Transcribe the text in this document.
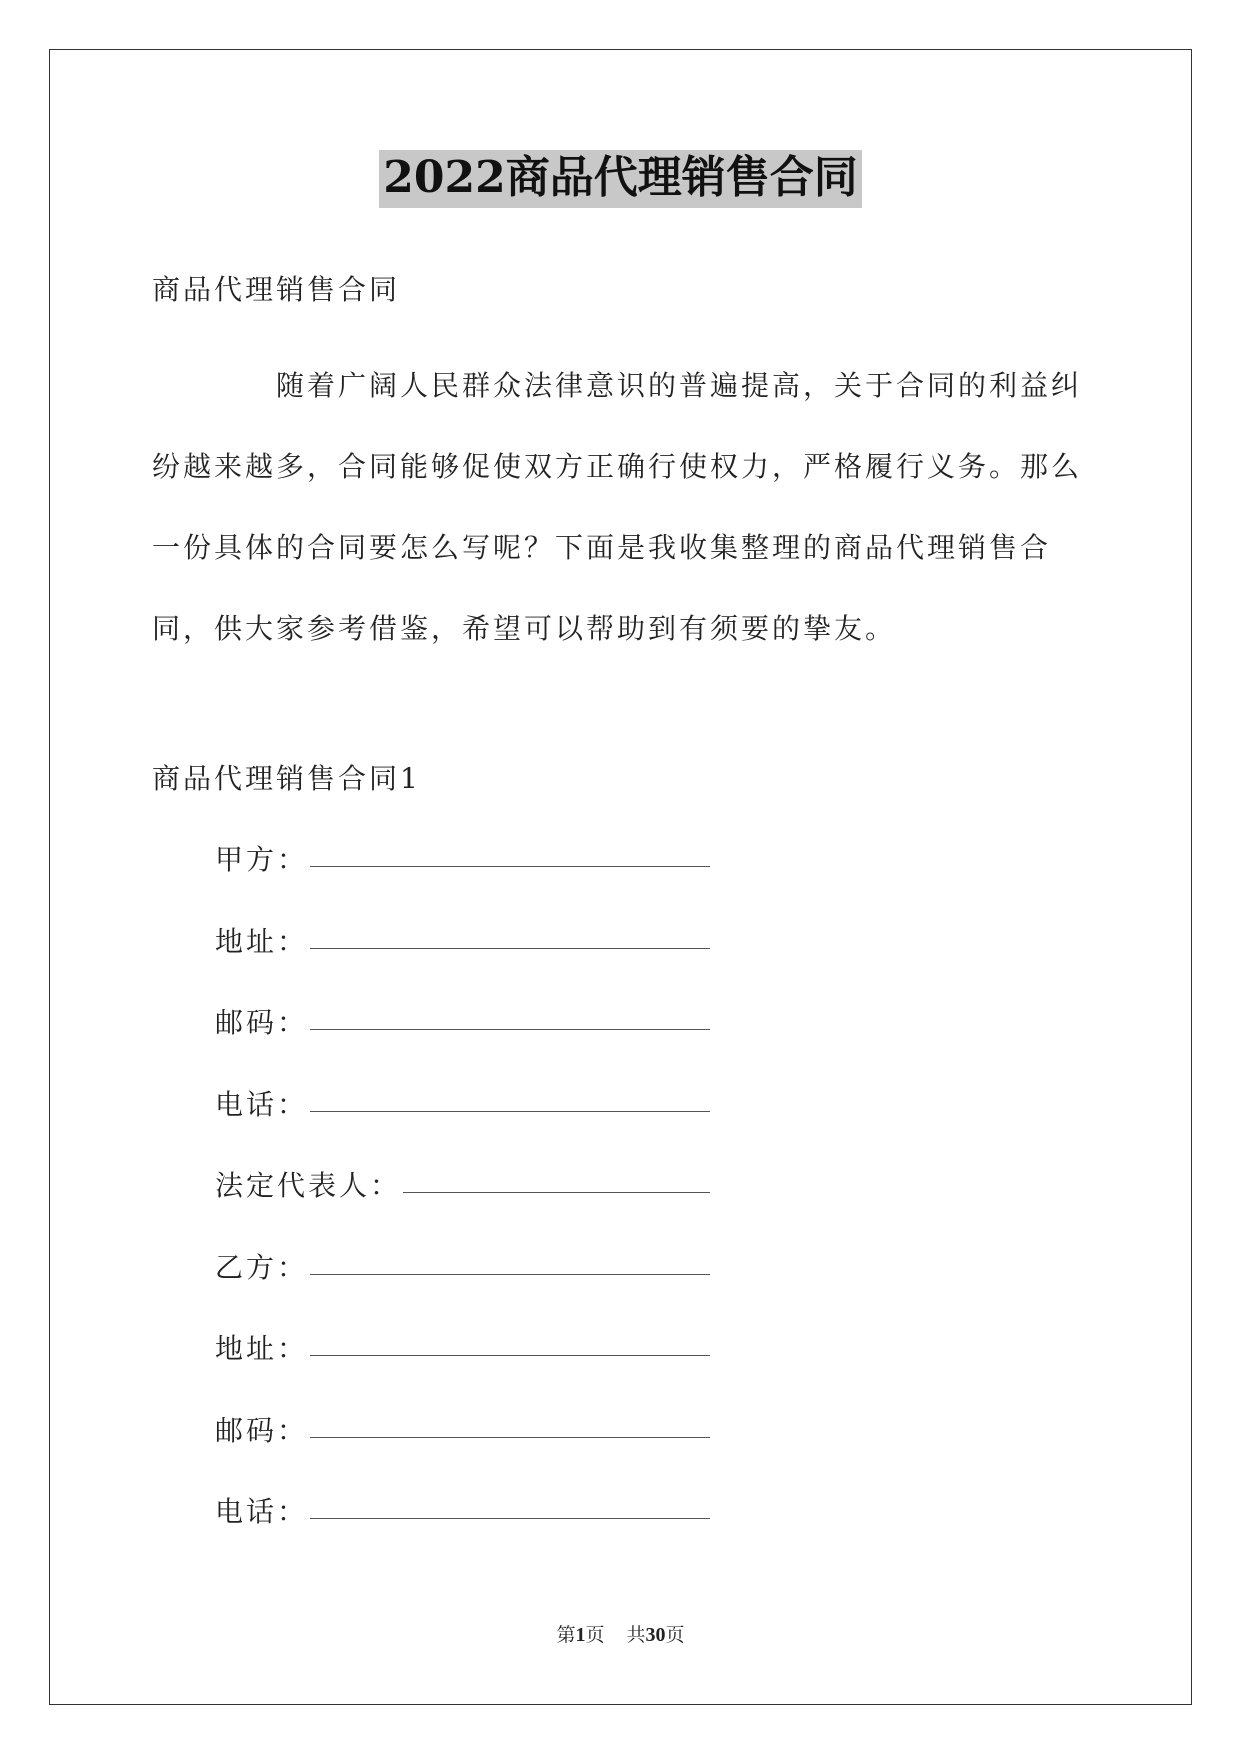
2022商品代理销售合同

商品代理销售合同

随着广阔人民群众法律意识的普遍提高，关于合同的利益纠纷越来越多，合同能够促使双方正确行使权力，严格履行义务。那么一份具体的合同要怎么写呢？下面是我收集整理的商品代理销售合同，供大家参考借鉴，希望可以帮助到有须要的挚友。

商品代理销售合同1

甲方：
地址：
邮码：
电话：
法定代表人：
乙方：
地址：
邮码：
电话：
第1页 共30页
